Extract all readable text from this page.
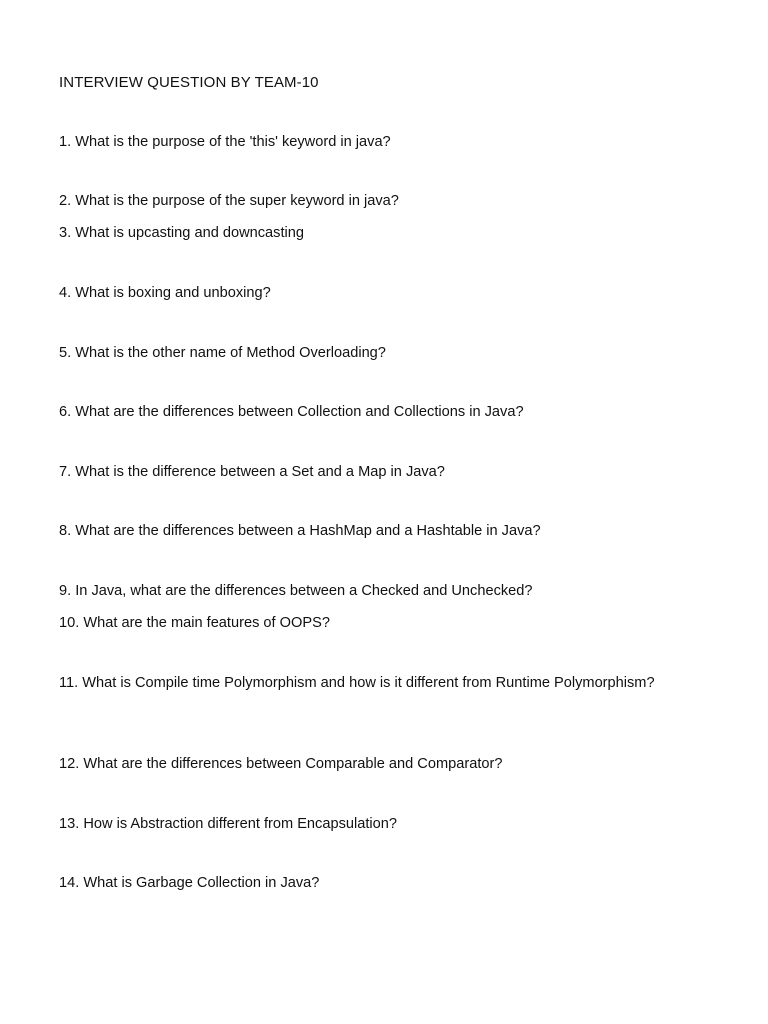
INTERVIEW QUESTION BY TEAM-10

1. What is the purpose of the 'this' keyword in java?

2. What is the purpose of the super keyword in java?

3. What is upcasting and downcasting

4. What is boxing and unboxing?

5. What is the other name of Method Overloading?

6. What are the differences between Collection and Collections in Java?

7. What is the difference between a Set and a Map in Java?

8. What are the differences between a HashMap and a Hashtable in Java?

9. In Java, what are the differences between a Checked and Unchecked?

10. What are the main features of OOPS?

11. What is Compile time Polymorphism and how is it different from Runtime Polymorphism?

12. What are the differences between Comparable and Comparator?

13. How is Abstraction different from Encapsulation?

14. What is Garbage Collection in Java?
